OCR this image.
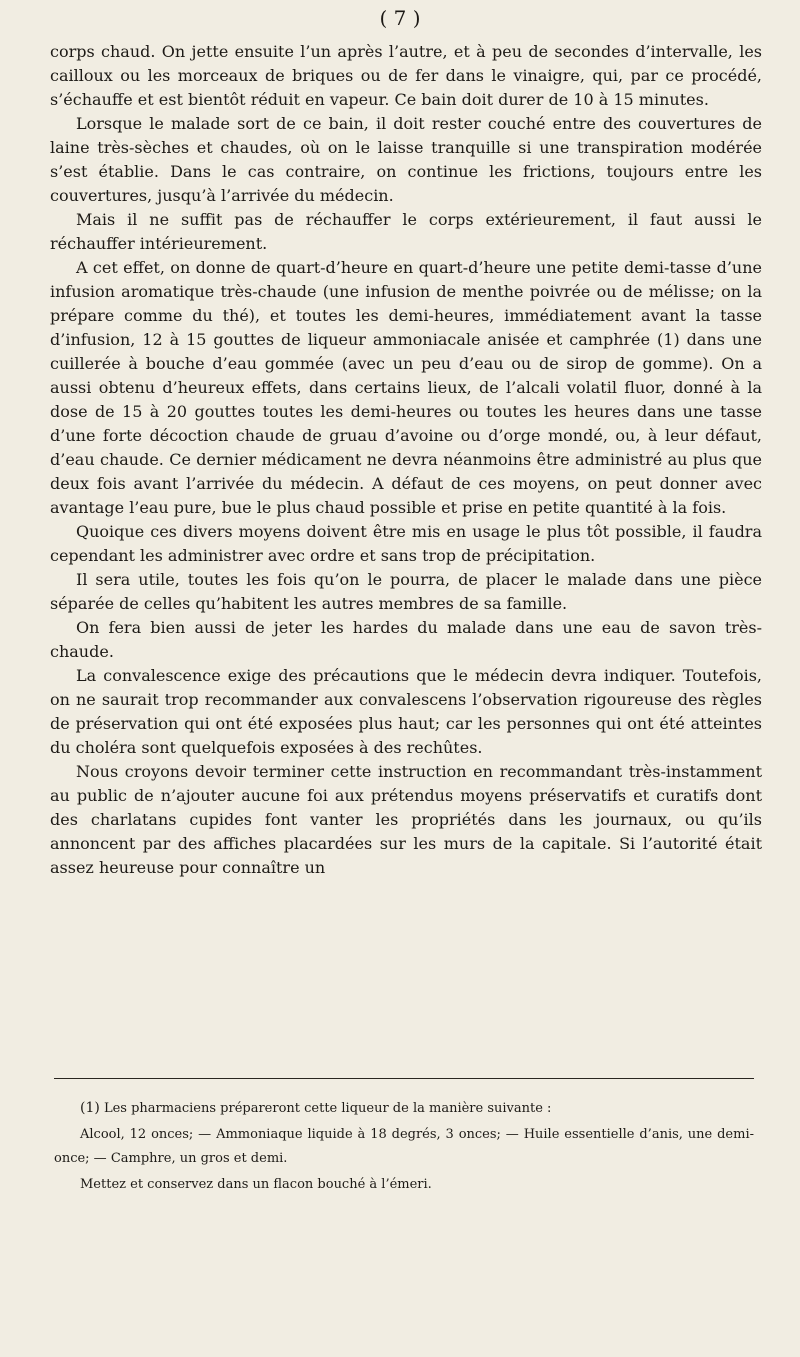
( 7 )

corps chaud. On jette ensuite l’un après l’autre, et à peu de secondes d’intervalle, les cailloux ou les morceaux de briques ou de fer dans le vinaigre, qui, par ce procédé, s’échauffe et est bientôt réduit en vapeur. Ce bain doit durer de 10 à 15 minutes.

Lorsque le malade sort de ce bain, il doit rester couché entre des couvertures de laine très-sèches et chaudes, où on le laisse tranquille si une transpiration modérée s’est établie. Dans le cas contraire, on continue les frictions, toujours entre les couvertures, jusqu’à l’arrivée du médecin.

Mais il ne suffit pas de réchauffer le corps extérieurement, il faut aussi le réchauffer intérieurement.

A cet effet, on donne de quart-d’heure en quart-d’heure une petite demi-tasse d’une infusion aromatique très-chaude (une infusion de menthe poivrée ou de mélisse; on la prépare comme du thé), et toutes les demi-heures, immédiatement avant la tasse d’infusion, 12 à 15 gouttes de liqueur ammoniacale anisée et camphrée (1) dans une cuillerée à bouche d’eau gommée (avec un peu d’eau ou de sirop de gomme). On a aussi obtenu d’heureux effets, dans certains lieux, de l’alcali volatil fluor, donné à la dose de 15 à 20 gouttes toutes les demi-heures ou toutes les heures dans une tasse d’une forte décoction chaude de gruau d’avoine ou d’orge mondé, ou, à leur défaut, d’eau chaude. Ce dernier médicament ne devra néanmoins être administré au plus que deux fois avant l’arrivée du médecin. A défaut de ces moyens, on peut donner avec avantage l’eau pure, bue le plus chaud possible et prise en petite quantité à la fois.

Quoique ces divers moyens doivent être mis en usage le plus tôt possible, il faudra cependant les administrer avec ordre et sans trop de précipitation.

Il sera utile, toutes les fois qu’on le pourra, de placer le malade dans une pièce séparée de celles qu’habitent les autres membres de sa famille.

On fera bien aussi de jeter les hardes du malade dans une eau de savon très-chaude.

La convalescence exige des précautions que le médecin devra indiquer. Toutefois, on ne saurait trop recommander aux convalescens l’observation rigoureuse des règles de préservation qui ont été exposées plus haut; car les personnes qui ont été atteintes du choléra sont quelquefois exposées à des rechûtes.

Nous croyons devoir terminer cette instruction en recommandant très-instamment au public de n’ajouter aucune foi aux prétendus moyens préservatifs et curatifs dont des charlatans cupides font vanter les propriétés dans les journaux, ou qu’ils annoncent par des affiches placardées sur les murs de la capitale. Si l’autorité était assez heureuse pour connaître un

(1) Les pharmaciens prépareront cette liqueur de la manière suivante :

Alcool, 12 onces; — Ammoniaque liquide à 18 degrés, 3 onces; — Huile essentielle d’anis, une demi-once; — Camphre, un gros et demi.

Mettez et conservez dans un flacon bouché à l’émeri.
